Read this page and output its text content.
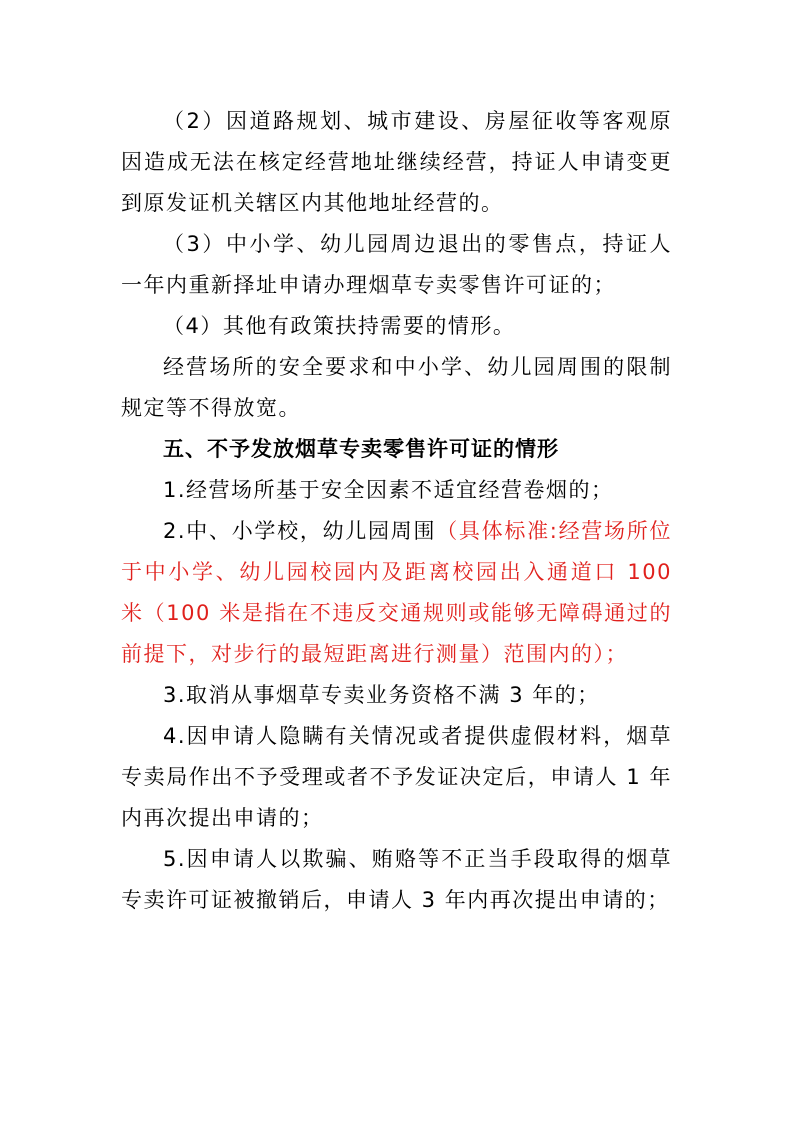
（2）因道路规划、城市建设、房屋征收等客观原因造成无法在核定经营地址继续经营，持证人申请变更到原发证机关辖区内其他地址经营的。

（3）中小学、幼儿园周边退出的零售点，持证人一年内重新择址申请办理烟草专卖零售许可证的；

（4）其他有政策扶持需要的情形。

经营场所的安全要求和中小学、幼儿园周围的限制规定等不得放宽。

五、不予发放烟草专卖零售许可证的情形

1.经营场所基于安全因素不适宜经营卷烟的；

2.中、小学校，幼儿园周围（具体标准:经营场所位于中小学、幼儿园校园内及距离校园出入通道口 100 米（100 米是指在不违反交通规则或能够无障碍通过的前提下，对步行的最短距离进行测量）范围内的）；

3.取消从事烟草专卖业务资格不满 3 年的；

4.因申请人隐瞒有关情况或者提供虚假材料，烟草专卖局作出不予受理或者不予发证决定后，申请人 1 年内再次提出申请的；

5.因申请人以欺骗、贿赂等不正当手段取得的烟草专卖许可证被撤销后，申请人 3 年内再次提出申请的；
